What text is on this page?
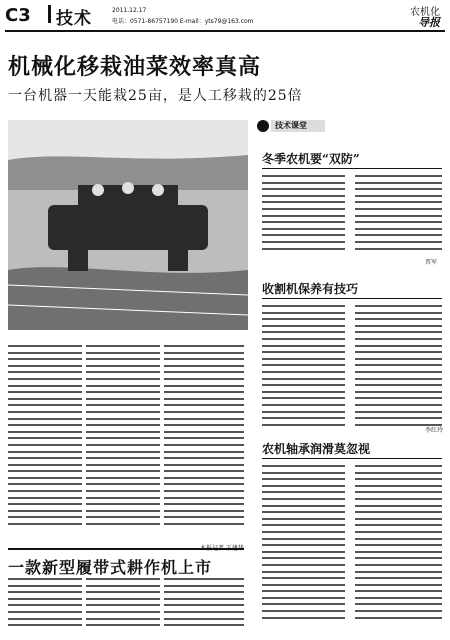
C3 技术	2011.12.17
电话：0571-86757190 E-mail：yts79@163.com
农机化
导报
机械化移栽油菜效率真高
一台机器一天能栽25亩，是人工移栽的25倍
技术课堂
冬季农机要“双防”
晋军
收割机保养有技巧
李红玲
农机轴承润滑莫忽视
一款新型履带式耕作机上市
